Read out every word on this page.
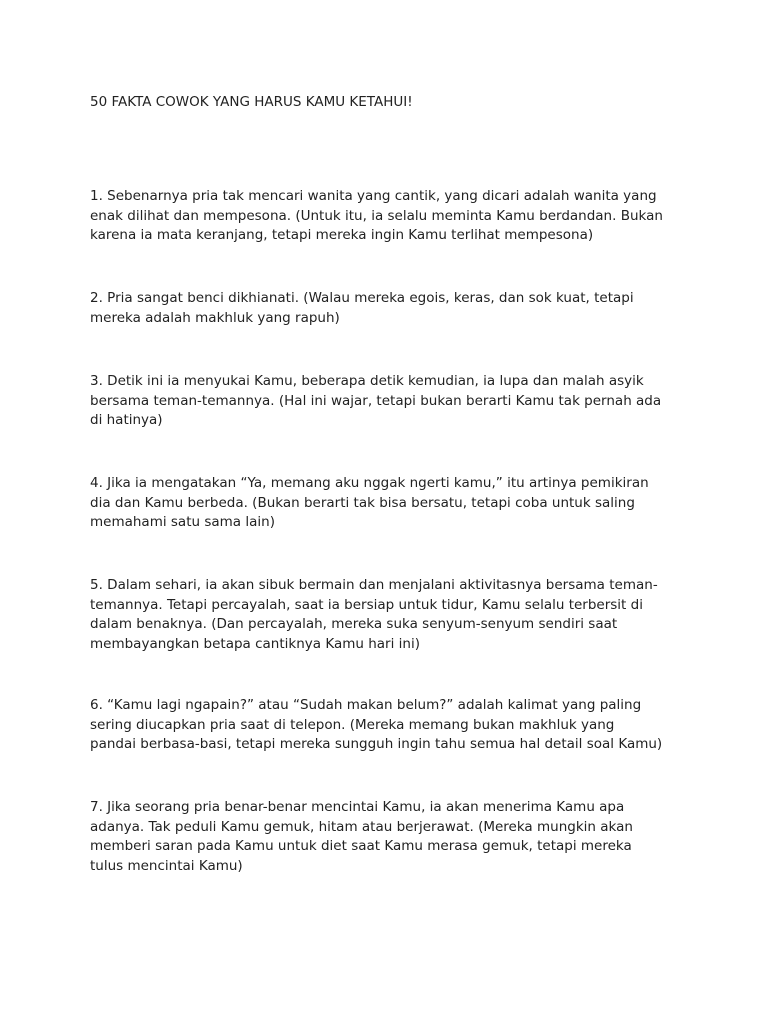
50 FAKTA COWOK YANG HARUS KAMU KETAHUI!

1. Sebenarnya pria tak mencari wanita yang cantik, yang dicari adalah wanita yang
enak dilihat dan mempesona. (Untuk itu, ia selalu meminta Kamu berdandan. Bukan
karena ia mata keranjang, tetapi mereka ingin Kamu terlihat mempesona)

2. Pria sangat benci dikhianati. (Walau mereka egois, keras, dan sok kuat, tetapi
mereka adalah makhluk yang rapuh)

3. Detik ini ia menyukai Kamu, beberapa detik kemudian, ia lupa dan malah asyik
bersama teman-temannya. (Hal ini wajar, tetapi bukan berarti Kamu tak pernah ada
di hatinya)

4. Jika ia mengatakan “Ya, memang aku nggak ngerti kamu,” itu artinya pemikiran
dia dan Kamu berbeda. (Bukan berarti tak bisa bersatu, tetapi coba untuk saling
memahami satu sama lain)

5. Dalam sehari, ia akan sibuk bermain dan menjalani aktivitasnya bersama teman-
temannya. Tetapi percayalah, saat ia bersiap untuk tidur, Kamu selalu terbersit di
dalam benaknya. (Dan percayalah, mereka suka senyum-senyum sendiri saat
membayangkan betapa cantiknya Kamu hari ini)

6. “Kamu lagi ngapain?” atau “Sudah makan belum?” adalah kalimat yang paling
sering diucapkan pria saat di telepon. (Mereka memang bukan makhluk yang
pandai berbasa-basi, tetapi mereka sungguh ingin tahu semua hal detail soal Kamu)

7. Jika seorang pria benar-benar mencintai Kamu, ia akan menerima Kamu apa
adanya. Tak peduli Kamu gemuk, hitam atau berjerawat. (Mereka mungkin akan
memberi saran pada Kamu untuk diet saat Kamu merasa gemuk, tetapi mereka
tulus mencintai Kamu)
